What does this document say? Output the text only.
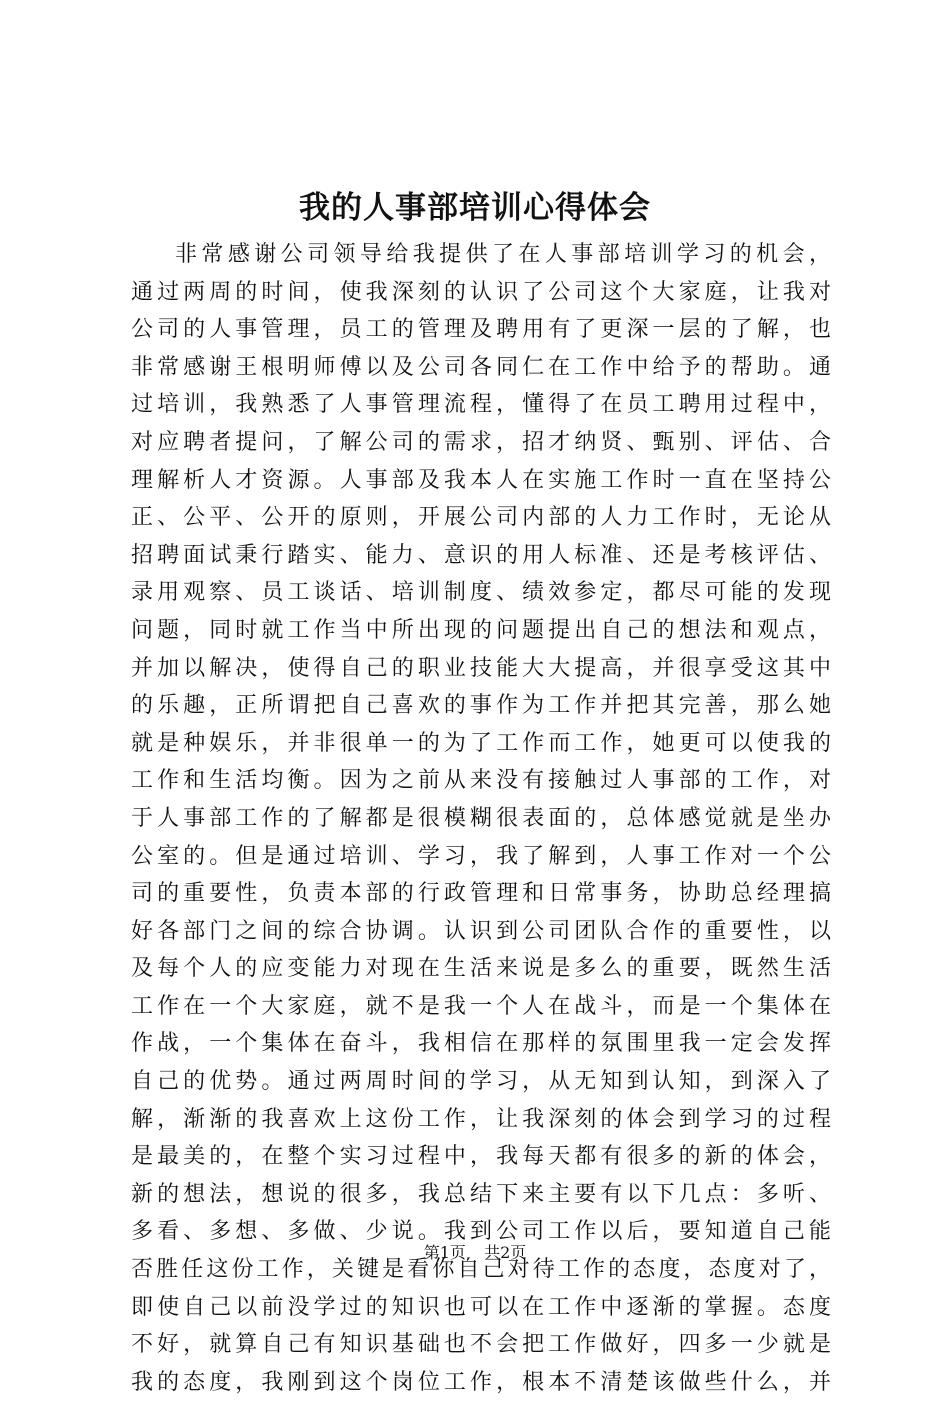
我的人事部培训心得体会
非常感谢公司领导给我提供了在人事部培训学习的机会，
通过两周的时间，使我深刻的认识了公司这个大家庭，让我对
公司的人事管理，员工的管理及聘用有了更深一层的了解，也
非常感谢王根明师傅以及公司各同仁在工作中给予的帮助。通
过培训，我熟悉了人事管理流程，懂得了在员工聘用过程中，
对应聘者提问，了解公司的需求，招才纳贤、甄别、评估、合
理解析人才资源。人事部及我本人在实施工作时一直在坚持公
正、公平、公开的原则，开展公司内部的人力工作时，无论从
招聘面试秉行踏实、能力、意识的用人标准、还是考核评估、
录用观察、员工谈话、培训制度、绩效参定，都尽可能的发现
问题，同时就工作当中所出现的问题提出自己的想法和观点，
并加以解决，使得自己的职业技能大大提高，并很享受这其中
的乐趣，正所谓把自己喜欢的事作为工作并把其完善，那么她
就是种娱乐，并非很单一的为了工作而工作，她更可以使我的
工作和生活均衡。因为之前从来没有接触过人事部的工作，对
于人事部工作的了解都是很模糊很表面的，总体感觉就是坐办
公室的。但是通过培训、学习，我了解到，人事工作对一个公
司的重要性，负责本部的行政管理和日常事务，协助总经理搞
好各部门之间的综合协调。认识到公司团队合作的重要性，以
及每个人的应变能力对现在生活来说是多么的重要，既然生活
工作在一个大家庭，就不是我一个人在战斗，而是一个集体在
作战，一个集体在奋斗，我相信在那样的氛围里我一定会发挥
自己的优势。通过两周时间的学习，从无知到认知，到深入了
解，渐渐的我喜欢上这份工作，让我深刻的体会到学习的过程
是最美的，在整个实习过程中，我每天都有很多的新的体会，
新的想法，想说的很多，我总结下来主要有以下几点：多听、
多看、多想、多做、少说。我到公司工作以后，要知道自己能
否胜任这份工作，关键是看你自己对待工作的态度，态度对了，
即使自己以前没学过的知识也可以在工作中逐渐的掌握。态度
不好，就算自己有知识基础也不会把工作做好，四多一少就是
我的态度，我刚到这个岗位工作，根本不清楚该做些什么，并
第1页 共2页
